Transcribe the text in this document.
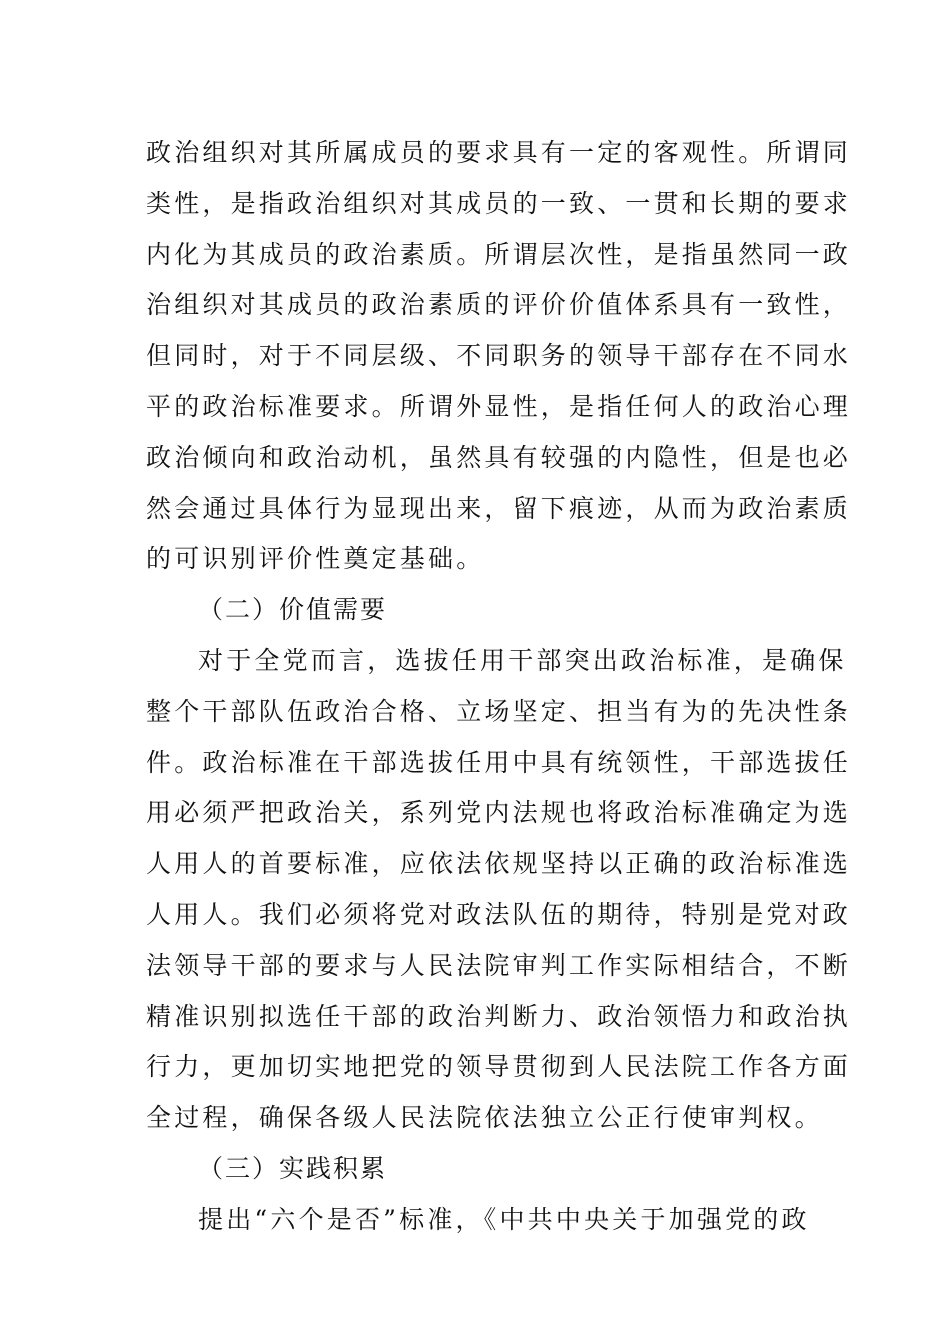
政治组织对其所属成员的要求具有一定的客观性。所谓同
类性，是指政治组织对其成员的一致、一贯和长期的要求
内化为其成员的政治素质。所谓层次性，是指虽然同一政
治组织对其成员的政治素质的评价价值体系具有一致性，
但同时，对于不同层级、不同职务的领导干部存在不同水
平的政治标准要求。所谓外显性，是指任何人的政治心理
政治倾向和政治动机，虽然具有较强的内隐性，但是也必
然会通过具体行为显现出来，留下痕迹，从而为政治素质
的可识别评价性奠定基础。
（二）价值需要
对于全党而言，选拔任用干部突出政治标准，是确保
整个干部队伍政治合格、立场坚定、担当有为的先决性条
件。政治标准在干部选拔任用中具有统领性，干部选拔任
用必须严把政治关，系列党内法规也将政治标准确定为选
人用人的首要标准，应依法依规坚持以正确的政治标准选
人用人。我们必须将党对政法队伍的期待，特别是党对政
法领导干部的要求与人民法院审判工作实际相结合，不断
精准识别拟选任干部的政治判断力、政治领悟力和政治执
行力，更加切实地把党的领导贯彻到人民法院工作各方面
全过程，确保各级人民法院依法独立公正行使审判权。
（三）实践积累
提出“六个是否”标准，《中共中央关于加强党的政
